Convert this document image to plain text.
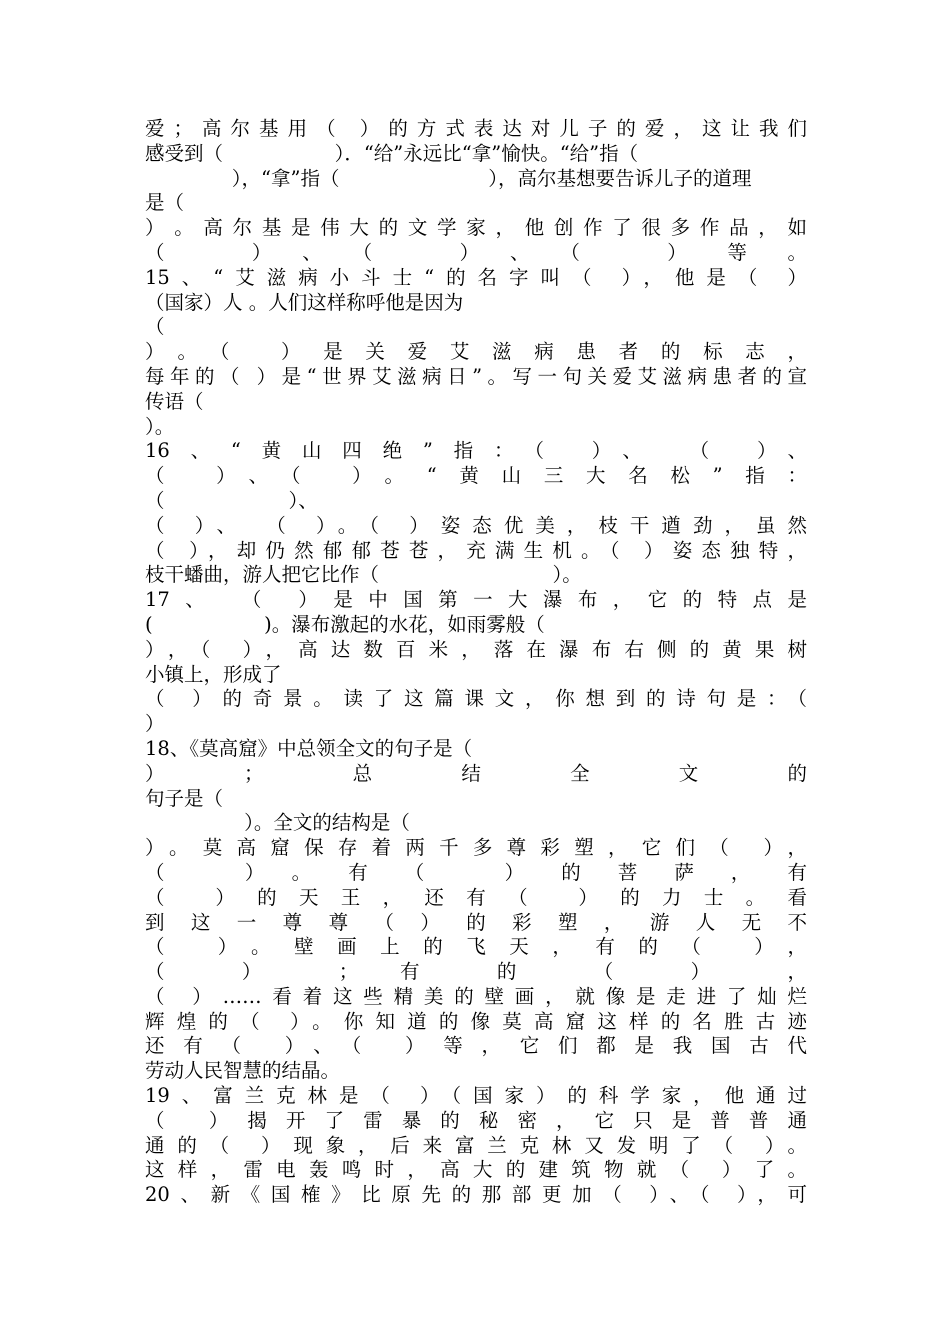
爱；高尔基用（ ）的方式表达对儿子的爱，这让我们
感受到（                  ）．“给”永远比“拿”愉快。“给”指（
），“拿”指（                        ），高尔基想要告诉儿子的道理
是（
） 。 高 尔 基 是 伟 大 的 文 学 家 ， 他 创 作 了 很 多 作 品 ， 如
（ ）、（ ）、（ ）等。
15、“艾滋病小斗士“的名字叫（ ），他是（ ）
（国家）人 。人们这样称呼他是因为
（
）。（ ）是关爱艾滋病患者的标志，
每年的（ ）是“世界艾滋病日”。写一句关爱艾滋病患者的宣
传语（
）。
16、“黄山四绝”指：（ ）、 （ ）、
（ ）、（ ）。“黄山三大名松”指：
（                    ）、
（ ）、 （ ）。（ ）姿态优美，枝干遒劲，虽然
（ ），却仍然郁郁苍苍，充满生机。（ ）姿态独特，
枝干蟠曲，游人把它比作（                            ）。
17、 （ ）是中国第一大瀑布，它的特点是
(                  )。瀑布激起的水花，如雨雾般（
），（ ），高达数百米，落在瀑布右侧的黄果树
小镇上，形成了
（ ）的奇景。读了这篇课文，你想到的诗句是：（
）
18、《莫高窟》中总领全文的句子是（
）；总结全文的
句子是（
）。全文的结构是（
）。莫高窟保存着两千多尊彩塑，它们（ ），
（ ）。有（ ）的菩萨，有
（ ）的天王，还有（ ）的力士。看
到 这 一 尊 尊 （ ） 的 彩 塑 ， 游 人 无 不
（ ）。壁画上的飞天，有的（ ），
（ ） ； 有 的 （ ） ，
（ ）……看着这些精美的壁画，就像是走进了灿烂
辉煌的（ ）。你知道的像莫高窟这样的名胜古迹
还有（ ）、（ ）等，它们都是我国古代
劳动人民智慧的结晶。
19、富兰克林是（ ）（国家）的科学家，他通过
（ ）揭开了雷暴的秘密，它只是普普通
通的（ ）现象，后来富兰克林又发明了（ ）。
这样，雷电轰鸣时，高大的建筑物就（ ）了。
20、新《国榷》比原先的那部更加（ ）、（ ），可
